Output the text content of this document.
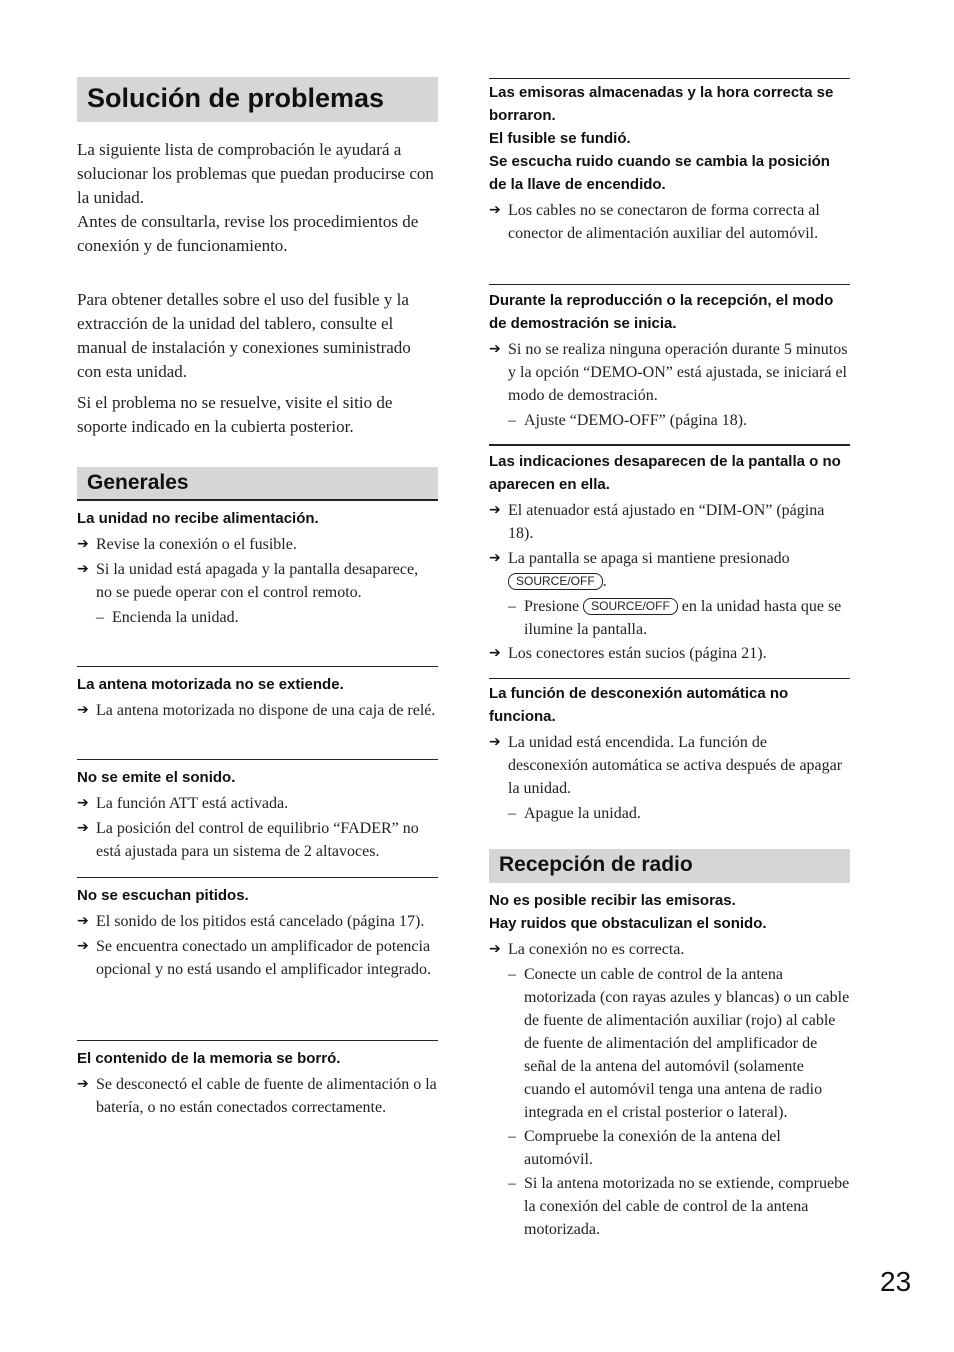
Solución de problemas

La siguiente lista de comprobación le ayudará a solucionar los problemas que puedan producirse con la unidad.
Antes de consultarla, revise los procedimientos de conexión y de funcionamiento.

Para obtener detalles sobre el uso del fusible y la extracción de la unidad del tablero, consulte el manual de instalación y conexiones suministrado con esta unidad.

Si el problema no se resuelve, visite el sitio de soporte indicado en la cubierta posterior.

Generales
La unidad no recibe alimentación.
➔ Revise la conexión o el fusible.
➔ Si la unidad está apagada y la pantalla desaparece, no se puede operar con el control remoto.
– Encienda la unidad.
La antena motorizada no se extiende.
➔ La antena motorizada no dispone de una caja de relé.
No se emite el sonido.
➔ La función ATT está activada.
➔ La posición del control de equilibrio “FADER” no está ajustada para un sistema de 2 altavoces.
No se escuchan pitidos.
➔ El sonido de los pitidos está cancelado (página 17).
➔ Se encuentra conectado un amplificador de potencia opcional y no está usando el amplificador integrado.
El contenido de la memoria se borró.
➔ Se desconectó el cable de fuente de alimentación o la batería, o no están conectados correctamente.
Las emisoras almacenadas y la hora correcta se borraron.
El fusible se fundió.
Se escucha ruido cuando se cambia la posición de la llave de encendido.
➔ Los cables no se conectaron de forma correcta al conector de alimentación auxiliar del automóvil.
Durante la reproducción o la recepción, el modo de demostración se inicia.
➔ Si no se realiza ninguna operación durante 5 minutos y la opción “DEMO-ON” está ajustada, se iniciará el modo de demostración.
– Ajuste “DEMO-OFF” (página 18).
Las indicaciones desaparecen de la pantalla o no aparecen en ella.
➔ El atenuador está ajustado en “DIM-ON” (página 18).
➔ La pantalla se apaga si mantiene presionado
SOURCE/OFF .
– Presione SOURCE/OFF en la unidad hasta que se ilumine la pantalla.
➔ Los conectores están sucios (página 21).
La función de desconexión automática no funciona.
➔ La unidad está encendida. La función de desconexión automática se activa después de apagar la unidad.
– Apague la unidad.
Recepción de radio
No es posible recibir las emisoras.
Hay ruidos que obstaculizan el sonido.
➔ La conexión no es correcta.
– Conecte un cable de control de la antena motorizada (con rayas azules y blancas) o un cable de fuente de alimentación auxiliar (rojo) al cable de fuente de alimentación del amplificador de señal de la antena del automóvil (solamente cuando el automóvil tenga una antena de radio integrada en el cristal posterior o lateral).
– Compruebe la conexión de la antena del automóvil.
– Si la antena motorizada no se extiende, compruebe la conexión del cable de control de la antena motorizada.
23
